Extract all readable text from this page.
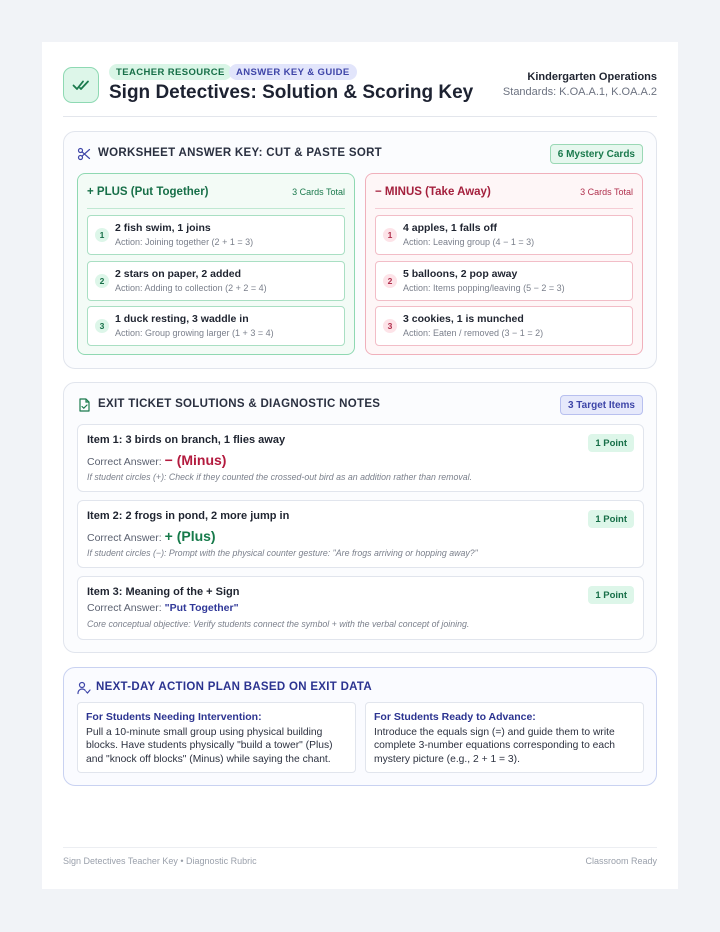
TEACHER RESOURCE	ANSWER KEY & GUIDE
Sign Detectives: Solution & Scoring Key
Kindergarten Operations
Standards: K.OA.A.1, K.OA.A.2
WORKSHEET ANSWER KEY: CUT & PASTE SORT	6 Mystery Cards
+ PLUS (Put Together)	3 Cards Total
1
2 fish swim, 1 joins
Action: Joining together (2 + 1 = 3)
2
2 stars on paper, 2 added
Action: Adding to collection (2 + 2 = 4)
3
1 duck resting, 3 waddle in
Action: Group growing larger (1 + 3 = 4)
− MINUS (Take Away)	3 Cards Total
1
4 apples, 1 falls off
Action: Leaving group (4 − 1 = 3)
2
5 balloons, 2 pop away
Action: Items popping/leaving (5 − 2 = 3)
3
3 cookies, 1 is munched
Action: Eaten / removed (3 − 1 = 2)
EXIT TICKET SOLUTIONS & DIAGNOSTIC NOTES	3 Target Items
Item 1: 3 birds on branch, 1 flies away	1 Point
Correct Answer: − (Minus)
If student circles (+): Check if they counted the crossed-out bird as an addition rather than removal.
Item 2: 2 frogs in pond, 2 more jump in	1 Point
Correct Answer: + (Plus)
If student circles (−): Prompt with the physical counter gesture: "Are frogs arriving or hopping away?"
Item 3: Meaning of the + Sign	1 Point
Correct Answer: "Put Together"
Core conceptual objective: Verify students connect the symbol + with the verbal concept of joining.
NEXT-DAY ACTION PLAN BASED ON EXIT DATA
For Students Needing Intervention:
Pull a 10-minute small group using physical building blocks. Have students physically "build a tower" (Plus) and "knock off blocks" (Minus) while saying the chant.
For Students Ready to Advance:
Introduce the equals sign (=) and guide them to write complete 3-number equations corresponding to each mystery picture (e.g., 2 + 1 = 3).
Sign Detectives Teacher Key • Diagnostic Rubric	Classroom Ready
